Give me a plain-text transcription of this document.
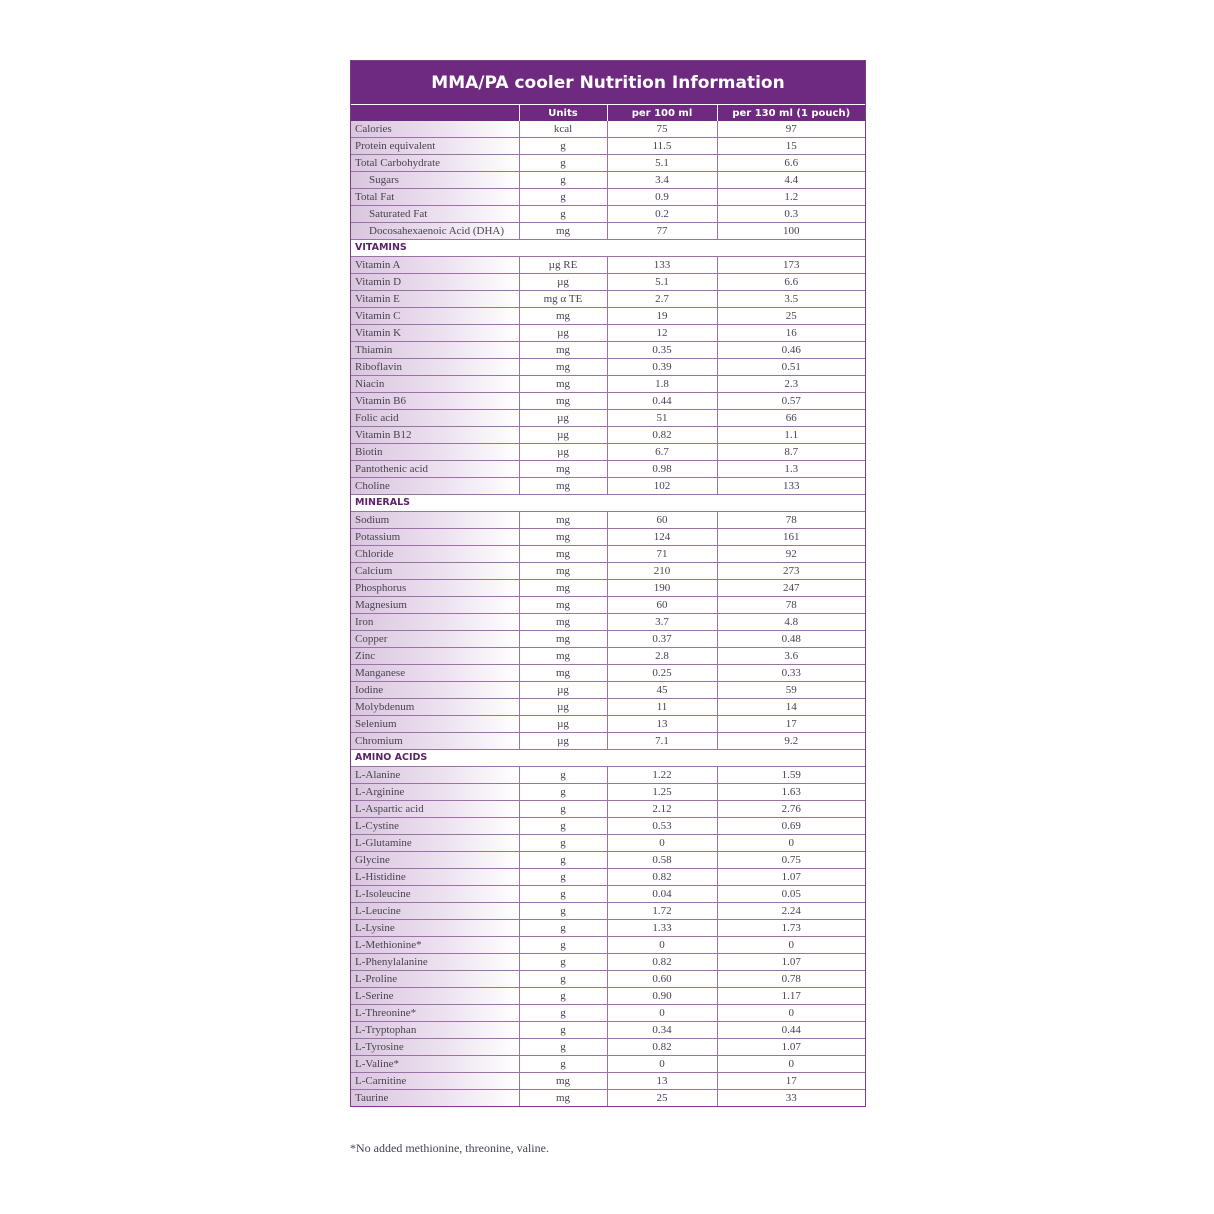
MMA/PA cooler Nutrition Information
	Units	per 100 ml	per 130 ml (1 pouch)
Calories	kcal	75	97
Protein equivalent	g	11.5	15
Total Carbohydrate	g	5.1	6.6
Sugars	g	3.4	4.4
Total Fat	g	0.9	1.2
Saturated Fat	g	0.2	0.3
Docosahexaenoic Acid (DHA)	mg	77	100
VITAMINS			
Vitamin A	µg RE	133	173
Vitamin D	µg	5.1	6.6
Vitamin E	mg α TE	2.7	3.5
Vitamin C	mg	19	25
Vitamin K	µg	12	16
Thiamin	mg	0.35	0.46
Riboflavin	mg	0.39	0.51
Niacin	mg	1.8	2.3
Vitamin B6	mg	0.44	0.57
Folic acid	µg	51	66
Vitamin B12	µg	0.82	1.1
Biotin	µg	6.7	8.7
Pantothenic acid	mg	0.98	1.3
Choline	mg	102	133
MINERALS			
Sodium	mg	60	78
Potassium	mg	124	161
Chloride	mg	71	92
Calcium	mg	210	273
Phosphorus	mg	190	247
Magnesium	mg	60	78
Iron	mg	3.7	4.8
Copper	mg	0.37	0.48
Zinc	mg	2.8	3.6
Manganese	mg	0.25	0.33
Iodine	µg	45	59
Molybdenum	µg	11	14
Selenium	µg	13	17
Chromium	µg	7.1	9.2
AMINO ACIDS			
L-Alanine	g	1.22	1.59
L-Arginine	g	1.25	1.63
L-Aspartic acid	g	2.12	2.76
L-Cystine	g	0.53	0.69
L-Glutamine	g	0	0
Glycine	g	0.58	0.75
L-Histidine	g	0.82	1.07
L-Isoleucine	g	0.04	0.05
L-Leucine	g	1.72	2.24
L-Lysine	g	1.33	1.73
L-Methionine*	g	0	0
L-Phenylalanine	g	0.82	1.07
L-Proline	g	0.60	0.78
L-Serine	g	0.90	1.17
L-Threonine*	g	0	0
L-Tryptophan	g	0.34	0.44
L-Tyrosine	g	0.82	1.07
L-Valine*	g	0	0
L-Carnitine	mg	13	17
Taurine	mg	25	33
*No added methionine, threonine, valine.
